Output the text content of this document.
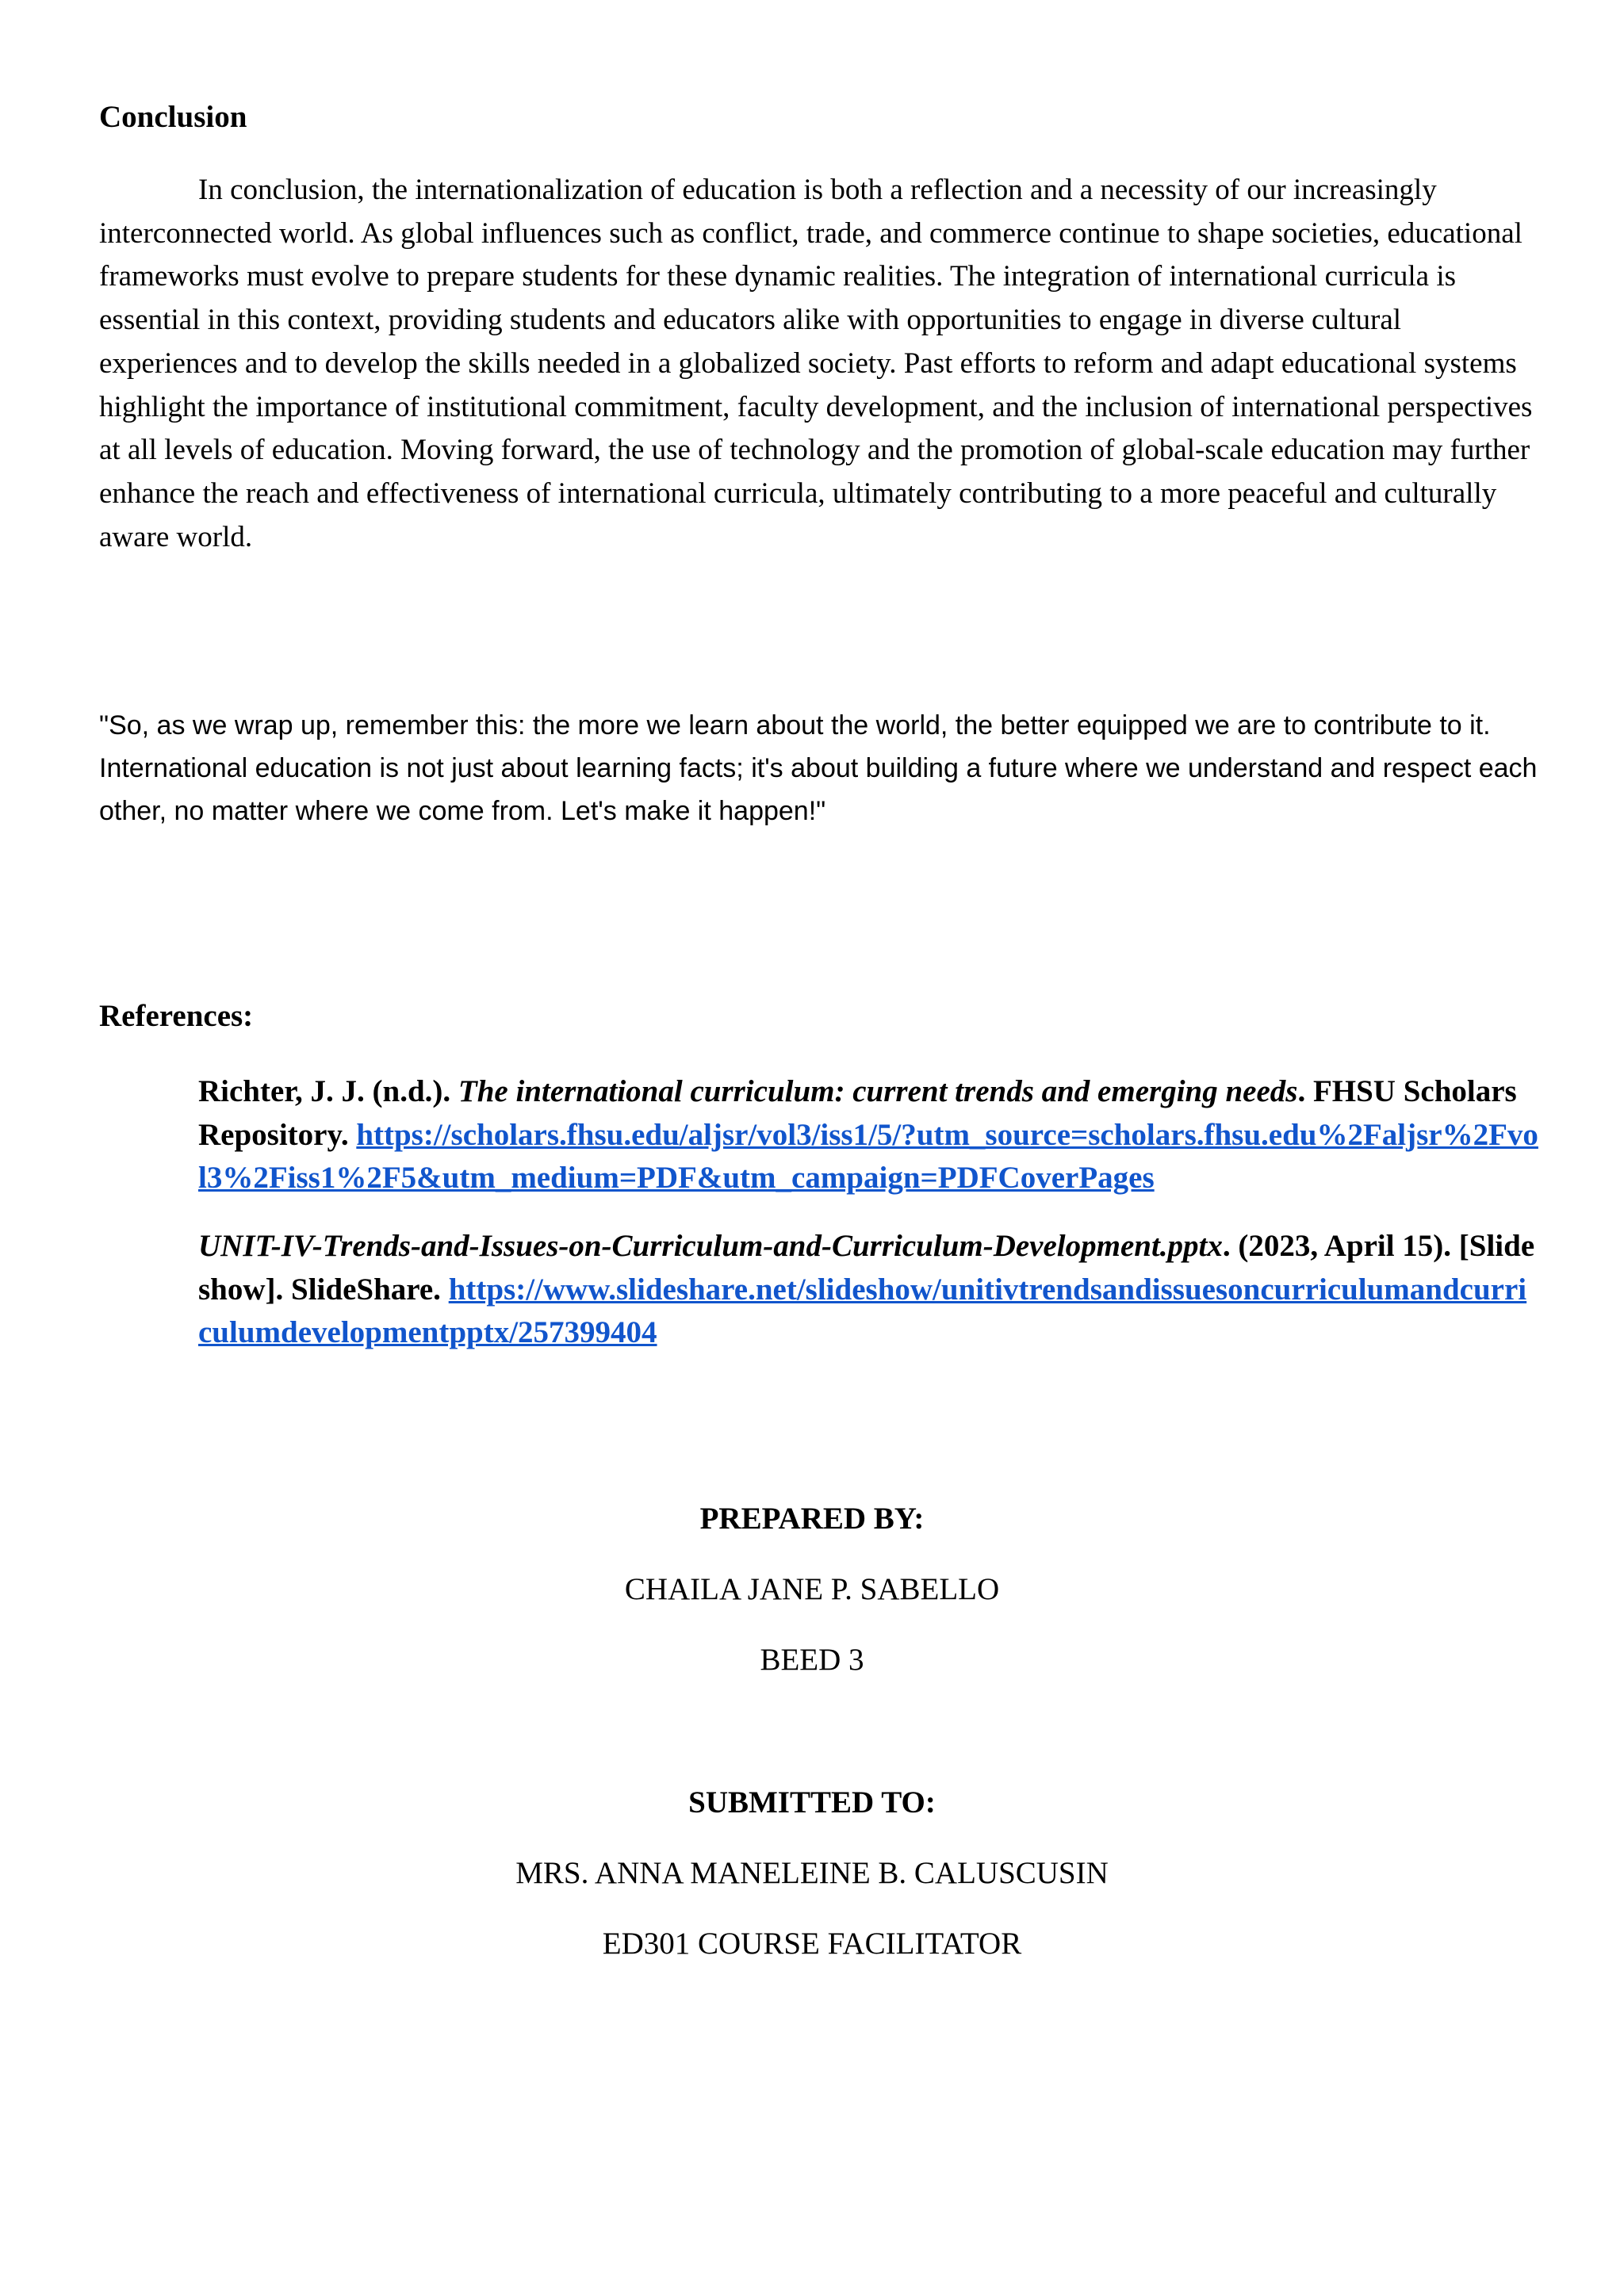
Conclusion

In conclusion, the internationalization of education is both a reflection and a necessity of our increasingly interconnected world. As global influences such as conflict, trade, and commerce continue to shape societies, educational frameworks must evolve to prepare students for these dynamic realities. The integration of international curricula is essential in this context, providing students and educators alike with opportunities to engage in diverse cultural experiences and to develop the skills needed in a globalized society. Past efforts to reform and adapt educational systems highlight the importance of institutional commitment, faculty development, and the inclusion of international perspectives at all levels of education. Moving forward, the use of technology and the promotion of global-scale education may further enhance the reach and effectiveness of international curricula, ultimately contributing to a more peaceful and culturally aware world.

"So, as we wrap up, remember this: the more we learn about the world, the better equipped we are to contribute to it. International education is not just about learning facts; it's about building a future where we understand and respect each other, no matter where we come from. Let's make it happen!"

References:

Richter, J. J. (n.d.). The international curriculum: current trends and emerging needs. FHSU Scholars Repository. https://scholars.fhsu.edu/aljsr/vol3/iss1/5/?utm_source=scholars.fhsu.edu%2Faljsr%2Fvol3%2Fiss1%2F5&utm_medium=PDF&utm_campaign=PDFCoverPages

UNIT-IV-Trends-and-Issues-on-Curriculum-and-Curriculum-Development.pptx. (2023, April 15). [Slide show]. SlideShare. https://www.slideshare.net/slideshow/unitivtrendsandissuesoncurriculumandcurriculumdevelopmentpptx/257399404

PREPARED BY:

CHAILA JANE P. SABELLO

BEED 3

SUBMITTED TO:

MRS. ANNA MANELEINE B. CALUSCUSIN

ED301 COURSE FACILITATOR
